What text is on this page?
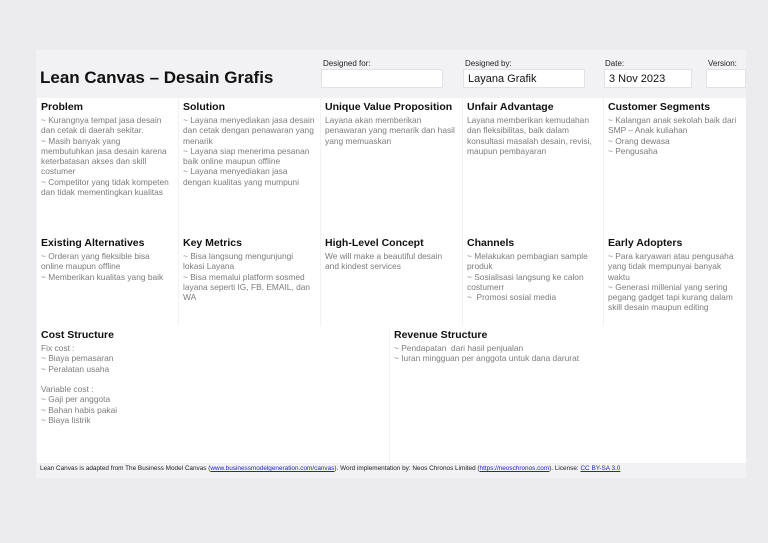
Lean Canvas – Desain Grafis
Designed for:	Designed by:
Layana Grafik
Date:
3 Nov 2023
Version:
Problem
~ Kurangnya tempat jasa desain dan cetak di daerah sekitar.
~ Masih banyak yang membutuhkan jasa desain karena keterbatasan akses dan skill costumer
~ Competitor yang tidak kompeten dan tidak mementingkan kualitas
Solution
~ Layana menyediakan jasa desain dan cetak dengan penawaran yang menarik
~ Layana siap menerima pesanan baik online maupun offline
~ Layana menyediakan jasa dengan kualitas yang mumpuni
Unique Value Proposition
Layana akan memberikan penawaran yang menarik dan hasil yang memuaskan
Unfair Advantage
Layana memberikan kemudahan dan fleksibilitas, baik dalam konsultasi masalah desain, revisi, maupun pembayaran
Customer Segments
~ Kalangan anak sekolah baik dari SMP – Anak kuliahan
~ Orang dewasa
~ Pengusaha
Existing Alternatives
~ Orderan yang fleksible bisa online maupun offline
~ Memberikan kualitas yang baik
Key Metrics
~ Bisa langsung mengunjungi lokasi Layana
~ Bisa memalui platform sosmed layana seperti IG, FB, EMAIL, dan WA
High-Level Concept
We will make a beautiful desain and kindest services
Channels
~ Melakukan pembagian sample produk
~ Sosialisasi langsung ke calon costumerr
~  Promosi sosial media
Early Adopters
~ Para karyawan atau pengusaha yang tidak mempunyai banyak waktu
~ Generasi millenial yang sering pegang gadget tapi kurang dalam skill desain maupun editing
Cost Structure
Fix cost :
~ Biaya pemasaran
~ Peralatan usaha

Variable cost :
~ Gaji per anggota
~ Bahan habis pakai
~ Biaya listrik
Revenue Structure
~ Pendapatan  dari hasil penjualan
~ Iuran mingguan per anggota untuk dana darurat
Lean Canvas is adapted from The Business Model Canvas (www.businessmodelgeneration.com/canvas). Word implementation by: Neos Chronos Limited (https://neoschronos.com). License: CC BY-SA 3.0
